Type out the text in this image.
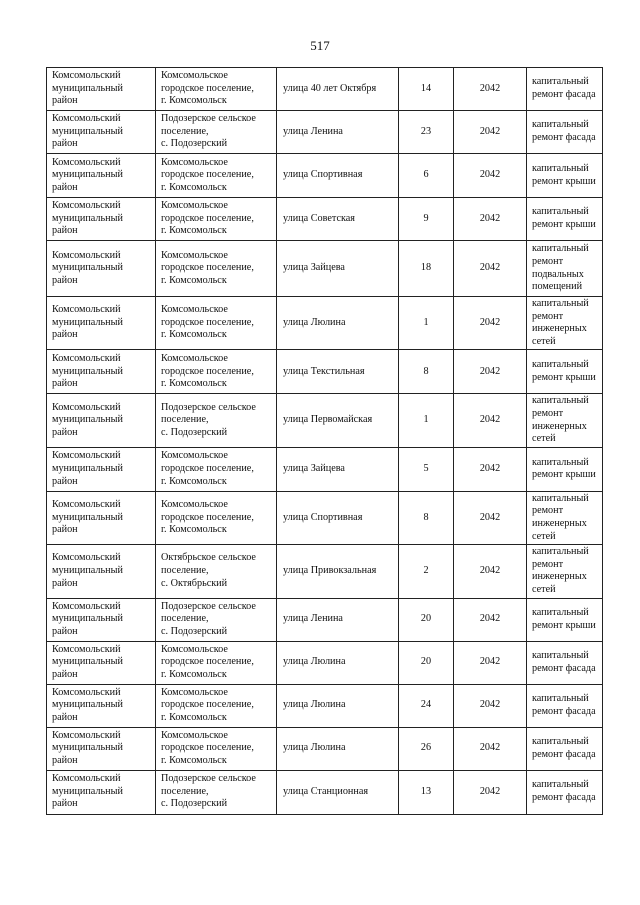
517
Комсомольский
муниципальный
район	Комсомольское
городское поселение,
г. Комсомольск	улица 40 лет Октября	14	2042	капитальный
ремонт фасада

Комсомольский
муниципальный
район	Подозерское сельское
поселение,
с. Подозерский	улица Ленина	23	2042	капитальный
ремонт фасада

Комсомольский
муниципальный
район	Комсомольское
городское поселение,
г. Комсомольск	улица Спортивная	6	2042	капитальный
ремонт крыши

Комсомольский
муниципальный
район	Комсомольское
городское поселение,
г. Комсомольск	улица Советская	9	2042	капитальный
ремонт крыши

Комсомольский
муниципальный
район	Комсомольское
городское поселение,
г. Комсомольск	улица Зайцева	18	2042	капитальный
ремонт
подвальных
помещений

Комсомольский
муниципальный
район	Комсомольское
городское поселение,
г. Комсомольск	улица Люлина	1	2042	капитальный
ремонт
инженерных
сетей

Комсомольский
муниципальный
район	Комсомольское
городское поселение,
г. Комсомольск	улица Текстильная	8	2042	капитальный
ремонт крыши

Комсомольский
муниципальный
район	Подозерское сельское
поселение,
с. Подозерский	улица Первомайская	1	2042	капитальный
ремонт
инженерных
сетей

Комсомольский
муниципальный
район	Комсомольское
городское поселение,
г. Комсомольск	улица Зайцева	5	2042	капитальный
ремонт крыши

Комсомольский
муниципальный
район	Комсомольское
городское поселение,
г. Комсомольск	улица Спортивная	8	2042	капитальный
ремонт
инженерных
сетей

Комсомольский
муниципальный
район	Октябрьское сельское
поселение,
с. Октябрьский	улица Привокзальная	2	2042	капитальный
ремонт
инженерных
сетей

Комсомольский
муниципальный
район	Подозерское сельское
поселение,
с. Подозерский	улица Ленина	20	2042	капитальный
ремонт крыши

Комсомольский
муниципальный
район	Комсомольское
городское поселение,
г. Комсомольск	улица Люлина	20	2042	капитальный
ремонт фасада

Комсомольский
муниципальный
район	Комсомольское
городское поселение,
г. Комсомольск	улица Люлина	24	2042	капитальный
ремонт фасада

Комсомольский
муниципальный
район	Комсомольское
городское поселение,
г. Комсомольск	улица Люлина	26	2042	капитальный
ремонт фасада

Комсомольский
муниципальный
район	Подозерское сельское
поселение,
с. Подозерский	улица Станционная	13	2042	капитальный
ремонт фасада
